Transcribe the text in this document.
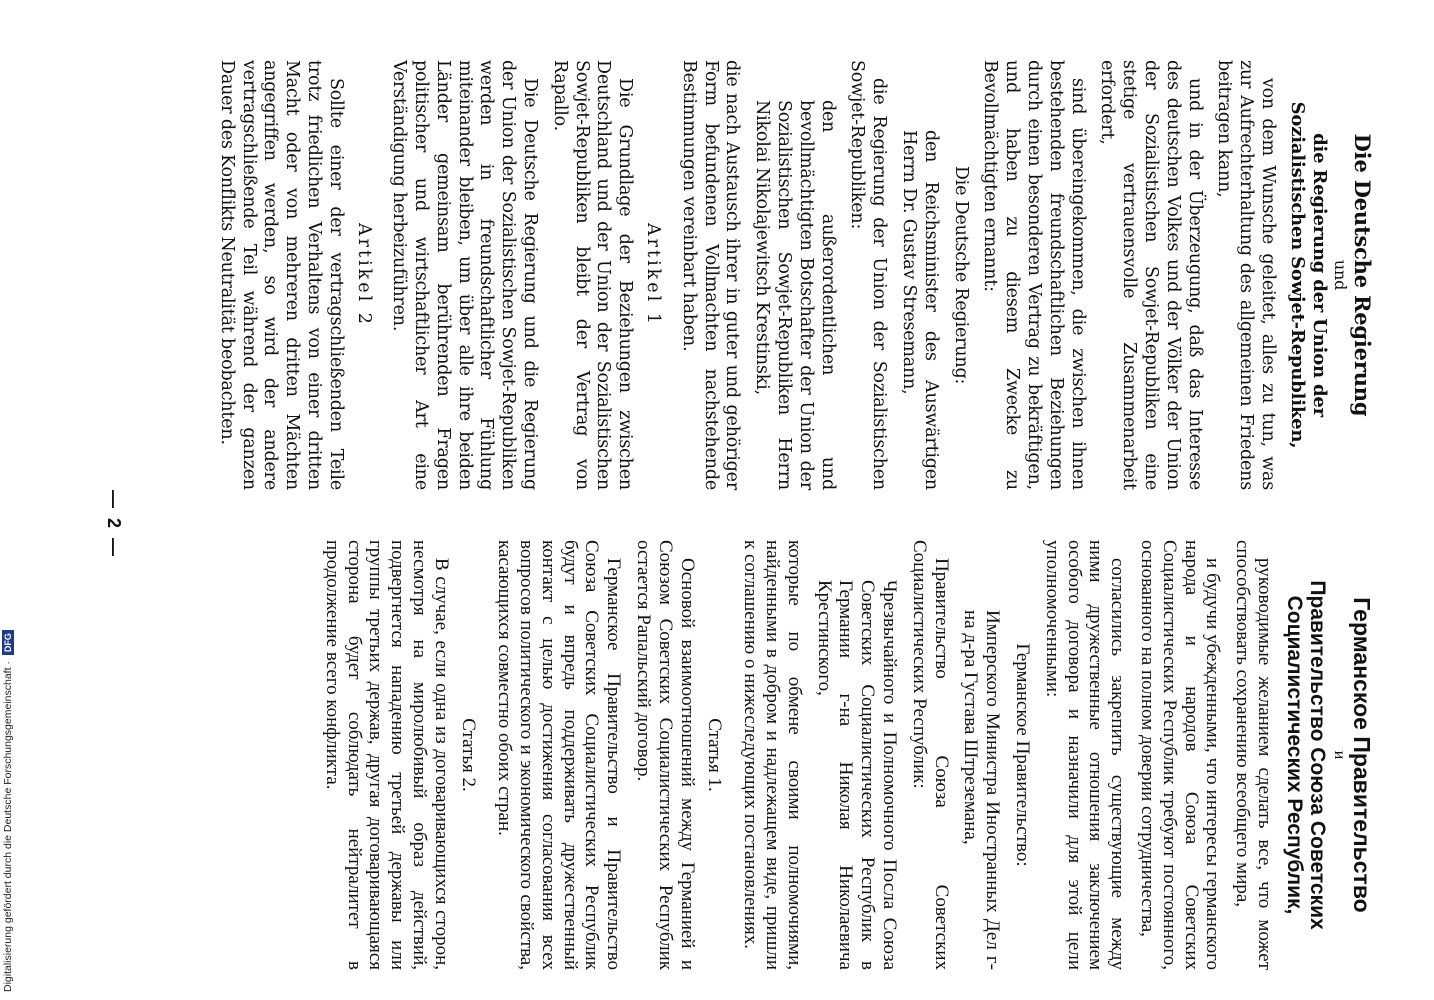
—  2  —
Die Deutsche Regierung
und
die Regierung der Union der Sozialistischen Sowjet-Republiken,

von dem Wunsche geleitet, alles zu tun, was zur Aufrechterhaltung des allgemeinen Friedens beitragen kann,

und in der Überzeugung, daß das Interesse des deutschen Volkes und der Völker der Union der Sozialistischen Sowjet-Republiken eine stetige vertrauensvolle Zusammenarbeit erfordert,

sind übereingekommen, die zwischen ihnen bestehenden freundschaftlichen Beziehungen durch einen besonderen Vertrag zu bekräftigen, und haben zu diesem Zwecke zu Bevollmächtigten ernannt:

Die Deutsche Regierung:

den Reichsminister des Auswärtigen Herrn Dr. Gustav Stresemann,

die Regierung der Union der Sozialistischen Sowjet-Republiken:

den außerordentlichen und bevollmächtigten Botschafter der Union der Sozialistischen Sowjet-Republiken Herrn Nikolai Nikolajewitsch Krestinski,

die nach Austausch ihrer in guter und gehöriger Form befundenen Vollmachten nachstehende Bestimmungen vereinbart haben.

Artikel 1

Die Grundlage der Beziehungen zwischen Deutschland und der Union der Sozialistischen Sowjet-Republiken bleibt der Vertrag von Rapallo.

Die Deutsche Regierung und die Regierung der Union der Sozialistischen Sowjet-Republiken werden in freundschaftlicher Fühlung miteinander bleiben, um über alle ihre beiden Länder gemeinsam berührenden Fragen politischer und wirtschaftlicher Art eine Verständigung herbeizuführen.

Artikel 2

Sollte einer der vertragschließenden Teile trotz friedlichen Verhaltens von einer dritten Macht oder von mehreren dritten Mächten angegriffen werden, so wird der andere vertragschließende Teil während der ganzen Dauer des Konflikts Neutralität beobachten.

Германское Правительство
и
Правительство Союза Советских Социалистических Республик,

руководимые желанием сделать все, что может способствовать сохранению всеобщего мира,

и будучи убежденными, что интересы германского народа и народов Союза Советских Социалистических Республик требуют постоянного, основанного на полном доверии сотрудничества,

согласились закрепить существующие между ними дружественные отношения заключением особого договора и назначили для этой цели уполномоченными:

Германское Правительство:

Имперского Министра Иностранных Дел г-на д-ра Густава Штреземана,

Правительство Союза Советских Социалистических Республик:

Чрезвычайного и Полномочного Посла Союза Советских Социалистических Республик в Германии г-на Николая Николаевича Крестинского,

которые по обмене своими полномочиями, найденными в добром и надлежащем виде, пришли к соглашению о нижеследующих постановлениях.

Статья 1.

Основой взаимоотношений между Германией и Союзом Советских Социалистических Республик остается Рапальский договор.

Германское Правительство и Правительство Союза Советских Социалистических Республик будут и впредь поддерживать дружественный контакт с целью достижения согласования всех вопросов политического и экономического свойства, касающихся совместно обоих стран.

Статья 2.

В случае, если одна из договаривающихся сторон, несмотря на миролюбивый образ действий, подвергнется нападению третьей державы или группы третьих держав, другая договаривающаяся сторона будет соблюдать нейтралитет в продолжение всего конфликта.

Digitalisierung gefördert durch die Deutsche Forschungsgemeinschaft · DFG
